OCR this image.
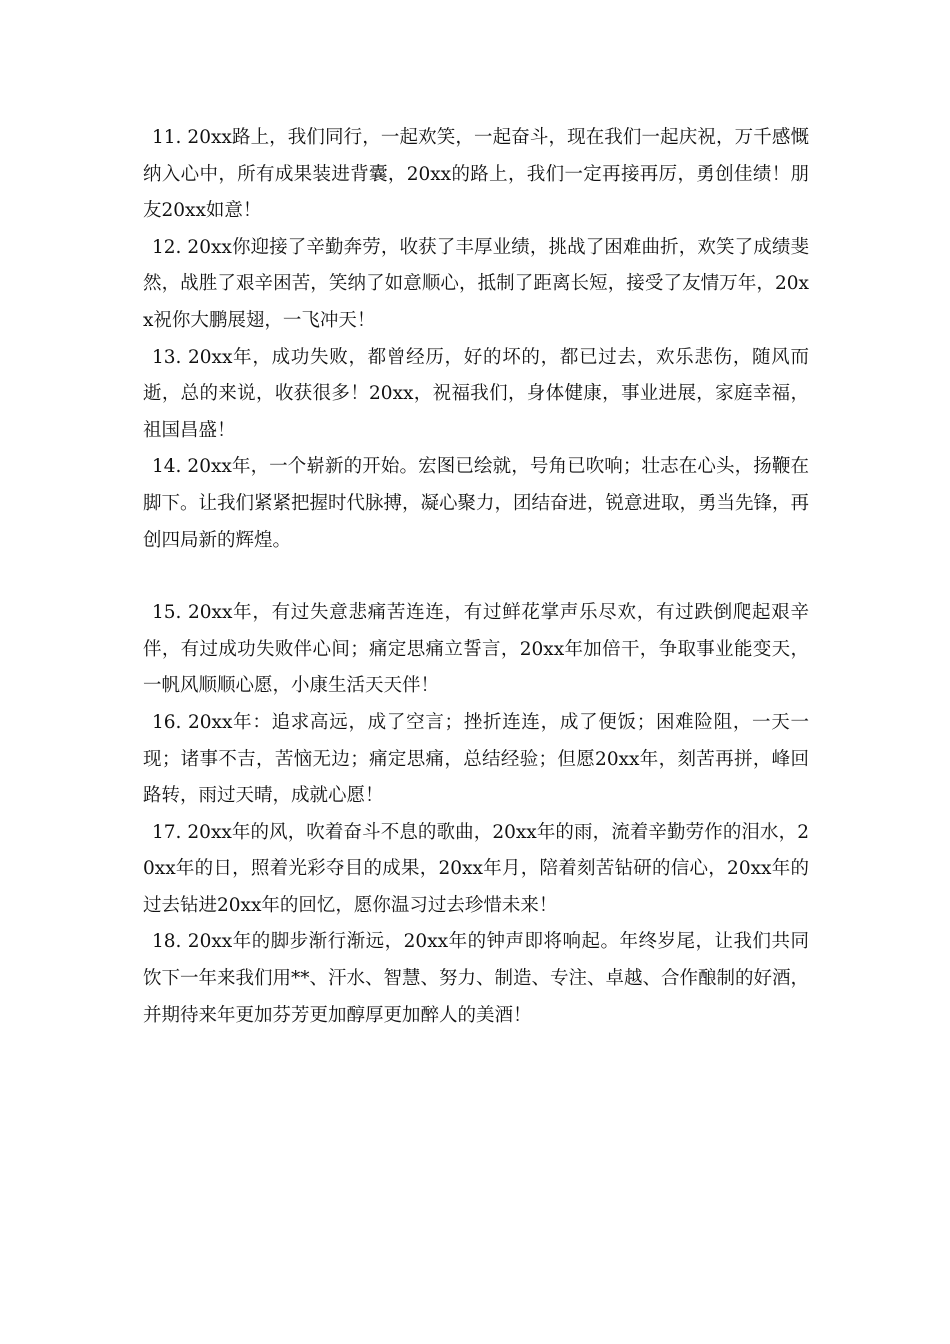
11. 20xx路上，我们同行，一起欢笑，一起奋斗，现在我们一起庆祝，万千感慨纳入心中，所有成果装进背囊，20xx的路上，我们一定再接再厉，勇创佳绩！朋友20xx如意！

12. 20xx你迎接了辛勤奔劳，收获了丰厚业绩，挑战了困难曲折，欢笑了成绩斐然，战胜了艰辛困苦，笑纳了如意顺心，抵制了距离长短，接受了友情万年，20xx祝你大鹏展翅，一飞冲天！

13. 20xx年，成功失败，都曾经历，好的坏的，都已过去，欢乐悲伤，随风而逝，总的来说，收获很多！20xx，祝福我们，身体健康，事业进展，家庭幸福，祖国昌盛！

14. 20xx年，一个崭新的开始。宏图已绘就，号角已吹响；壮志在心头，扬鞭在脚下。让我们紧紧把握时代脉搏，凝心聚力，团结奋进，锐意进取，勇当先锋，再创四局新的辉煌。

15. 20xx年，有过失意悲痛苦连连，有过鲜花掌声乐尽欢，有过跌倒爬起艰辛伴，有过成功失败伴心间；痛定思痛立誓言，20xx年加倍干，争取事业能变天，一帆风顺顺心愿，小康生活天天伴！

16. 20xx年：追求高远，成了空言；挫折连连，成了便饭；困难险阻，一天一现；诸事不吉，苦恼无边；痛定思痛，总结经验；但愿20xx年，刻苦再拼，峰回路转，雨过天晴，成就心愿！

17. 20xx年的风，吹着奋斗不息的歌曲，20xx年的雨，流着辛勤劳作的泪水，20xx年的日，照着光彩夺目的成果，20xx年月，陪着刻苦钻研的信心，20xx年的过去钻进20xx年的回忆，愿你温习过去珍惜未来！

18. 20xx年的脚步渐行渐远，20xx年的钟声即将响起。年终岁尾，让我们共同饮下一年来我们用**、汗水、智慧、努力、制造、专注、卓越、合作酿制的好酒，并期待来年更加芬芳更加醇厚更加醉人的美酒！
